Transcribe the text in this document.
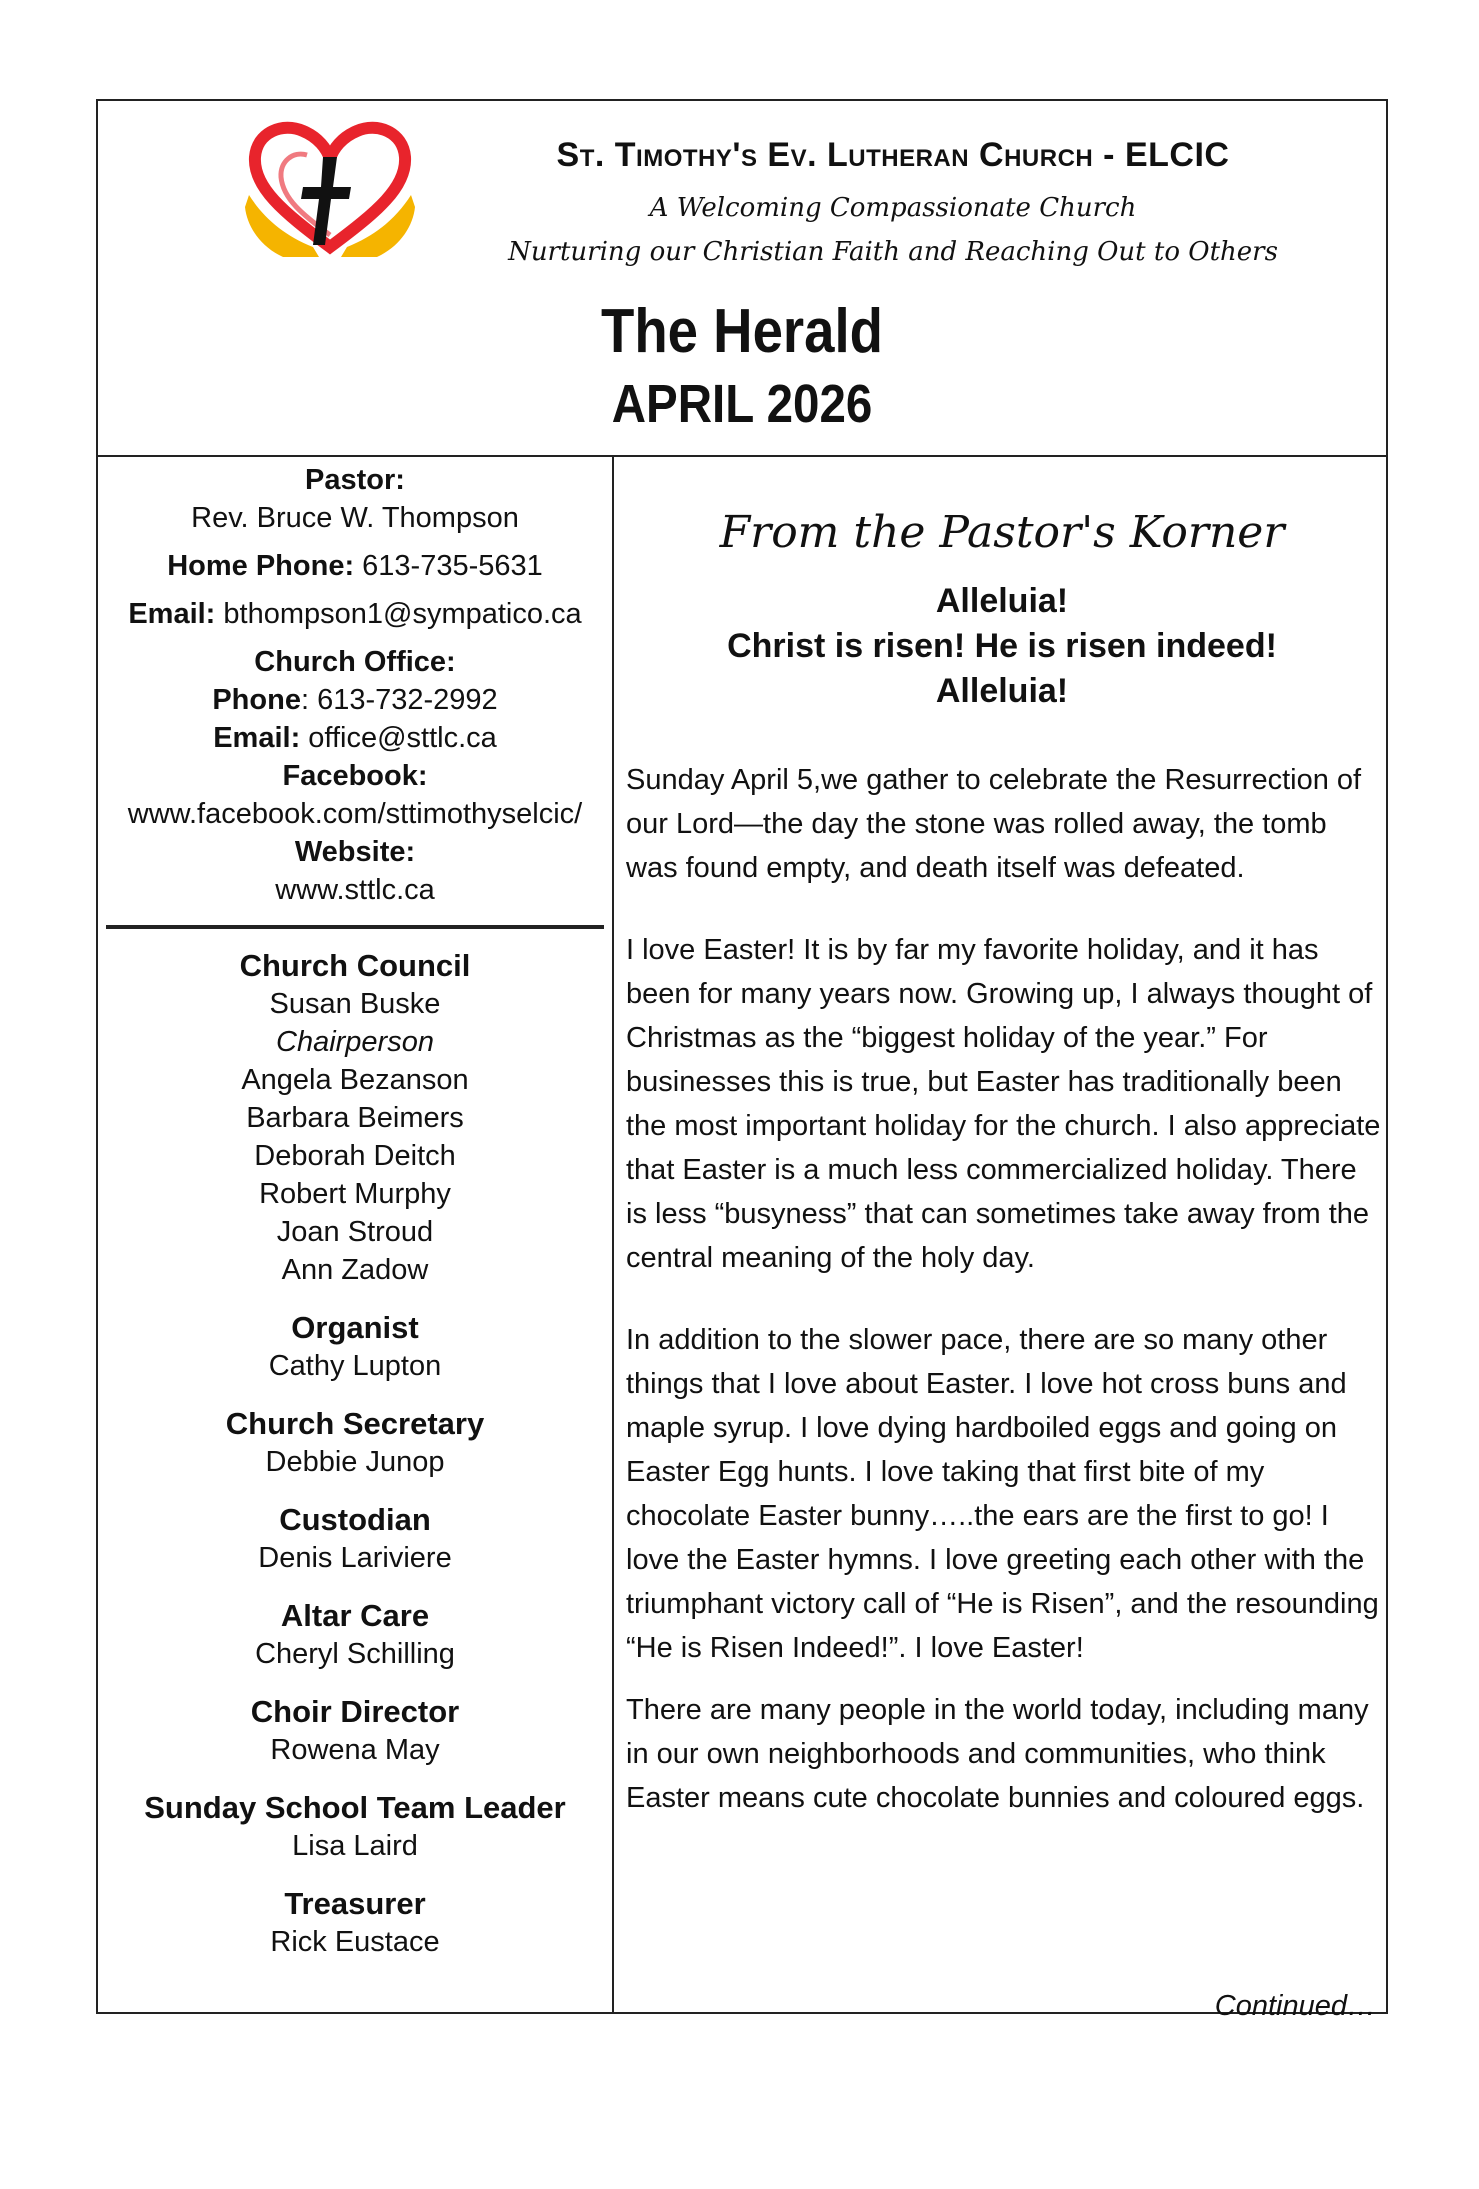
St. Timothy's Ev. Lutheran Church - ELCIC
A Welcoming Compassionate Church
Nurturing our Christian Faith and Reaching Out to Others
The Herald
APRIL 2026
Pastor:
Rev. Bruce W. Thompson
Home Phone: 613-735-5631
Email: bthompson1@sympatico.ca
Church Office:
Phone: 613-732-2992
Email: office@sttlc.ca
Facebook:
www.facebook.com/sttimothyselcic/
Website:
www.sttlc.ca
Church Council
Susan Buske
Chairperson
Angela Bezanson
Barbara Beimers
Deborah Deitch
Robert Murphy
Joan Stroud
Ann Zadow
Organist
Cathy Lupton
Church Secretary
Debbie Junop
Custodian
Denis Lariviere
Altar Care
Cheryl Schilling
Choir Director
Rowena May
Sunday School Team Leader
Lisa Laird
Treasurer
Rick Eustace
From the Pastor's Korner
Alleluia!
Christ is risen! He is risen indeed!
Alleluia!

Sunday April 5,we gather to celebrate the Resurrection of our Lord—the day the stone was rolled away, the tomb was found empty, and death itself was defeated.

I love Easter! It is by far my favorite holiday, and it has been for many years now. Growing up, I always thought of Christmas as the “biggest holiday of the year.” For businesses this is true, but Easter has traditionally been the most important holiday for the church. I also appreciate that Easter is a much less commercialized holiday. There is less “busyness” that can sometimes take away from the central meaning of the holy day.

In addition to the slower pace, there are so many other things that I love about Easter. I love hot cross buns and maple syrup. I love dying hardboiled eggs and going on Easter Egg hunts. I love taking that first bite of my chocolate Easter bunny…..the ears are the first to go! I love the Easter hymns. I love greeting each other with the triumphant victory call of “He is Risen”, and the resounding “He is Risen Indeed!”. I love Easter!

There are many people in the world today, including many in our own neighborhoods and communities, who think Easter means cute chocolate bunnies and coloured eggs.

Continued…
